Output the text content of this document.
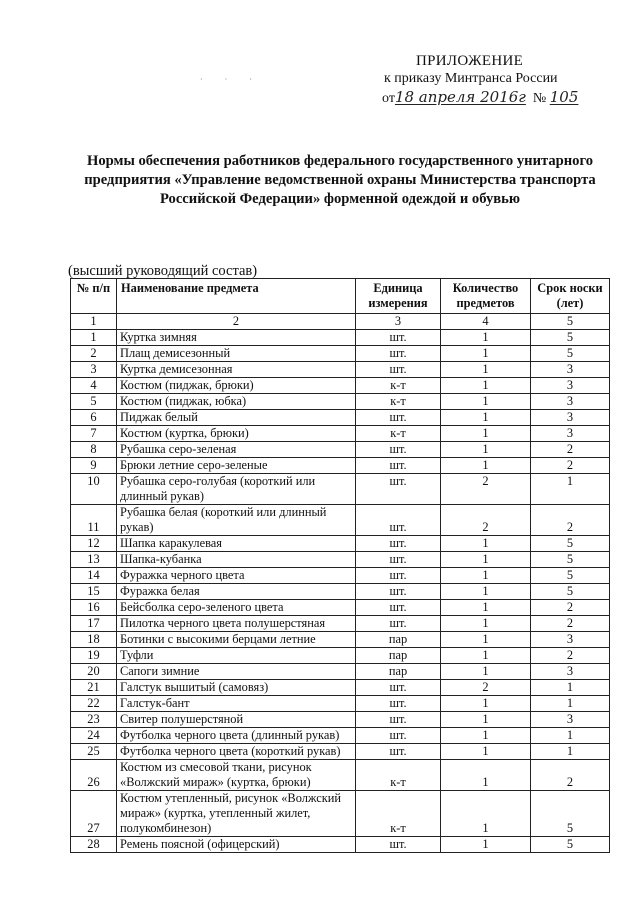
· · ·
ПРИЛОЖЕНИЕ
к приказу Минтранса России
от18 апреля 2016г № 105
Нормы обеспечения работников федерального государственного унитарного предприятия «Управление ведомственной охраны Министерства транспорта Российской Федерации» форменной одеждой и обувью
(высший руководящий состав)
№ п/п	Наименование предмета	Единица измерения	Количество предметов	Срок носки (лет)
1	2	3	4	5
1	Куртка зимняя	шт.	1	5
2	Плащ демисезонный	шт.	1	5
3	Куртка демисезонная	шт.	1	3
4	Костюм (пиджак, брюки)	к-т	1	3
5	Костюм (пиджак, юбка)	к-т	1	3
6	Пиджак белый	шт.	1	3
7	Костюм (куртка, брюки)	к-т	1	3
8	Рубашка серо-зеленая	шт.	1	2
9	Брюки летние серо-зеленые	шт.	1	2
10	Рубашка серо-голубая (короткий или длинный рукав)	шт.	2	1
11	Рубашка белая (короткий или длинный рукав)	шт.	2	2
12	Шапка каракулевая	шт.	1	5
13	Шапка-кубанка	шт.	1	5
14	Фуражка черного цвета	шт.	1	5
15	Фуражка белая	шт.	1	5
16	Бейсболка серо-зеленого цвета	шт.	1	2
17	Пилотка черного цвета полушерстяная	шт.	1	2
18	Ботинки с высокими берцами летние	пар	1	3
19	Туфли	пар	1	2
20	Сапоги зимние	пар	1	3
21	Галстук вышитый (самовяз)	шт.	2	1
22	Галстук-бант	шт.	1	1
23	Свитер полушерстяной	шт.	1	3
24	Футболка черного цвета (длинный рукав)	шт.	1	1
25	Футболка черного цвета (короткий рукав)	шт.	1	1
26	Костюм из смесовой ткани, рисунок «Волжский мираж» (куртка, брюки)	к-т	1	2
27	Костюм утепленный, рисунок «Волжский мираж» (куртка, утепленный жилет, полукомбинезон)	к-т	1	5
28	Ремень поясной (офицерский)	шт.	1	5
